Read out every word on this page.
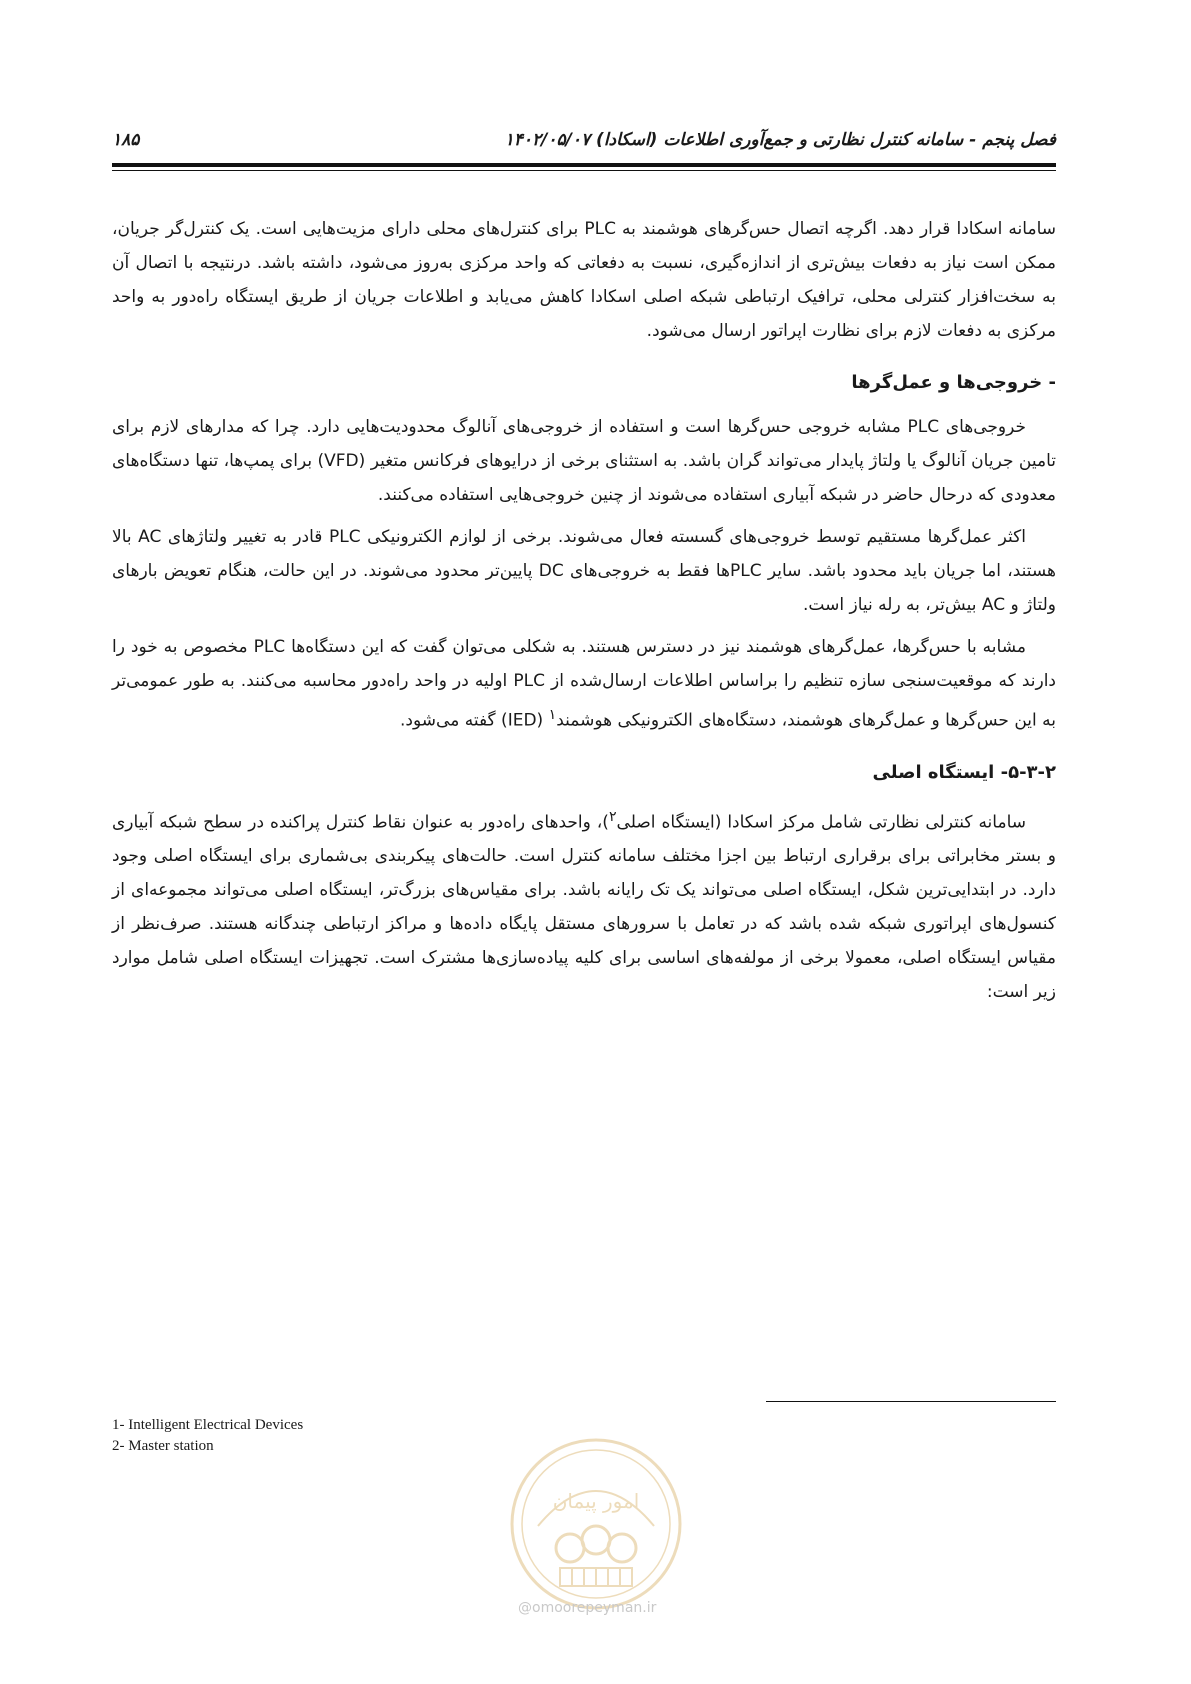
فصل پنجم - سامانه کنترل نظارتی و جمع‌آوری اطلاعات (اسکادا) ۱۴۰۲/۰۵/۰۷
۱۸۵

سامانه اسکادا قرار دهد. اگرچه اتصال حس‌گرهای هوشمند به PLC برای کنترل‌های محلی دارای مزیت‌هایی است. یک کنترل‌گر جریان، ممکن است نیاز به دفعات بیش‌تری از اندازه‌گیری، نسبت به دفعاتی که واحد مرکزی به‌روز می‌شود، داشته باشد. درنتیجه با اتصال آن به سخت‌افزار کنترلی محلی، ترافیک ارتباطی شبکه اصلی اسکادا کاهش می‌یابد و اطلاعات جریان از طریق ایستگاه راه‌دور به واحد مرکزی به دفعات لازم برای نظارت اپراتور ارسال می‌شود.

- خروجی‌ها و عمل‌گرها

خروجی‌های PLC مشابه خروجی حس‌گرها است و استفاده از خروجی‌های آنالوگ محدودیت‌هایی دارد. چرا که مدارهای لازم برای تامین جریان آنالوگ یا ولتاژ پایدار می‌تواند گران باشد. به استثنای برخی از درایوهای فرکانس متغیر (VFD) برای پمپ‌ها، تنها دستگاه‌های معدودی که درحال حاضر در شبکه آبیاری استفاده می‌شوند از چنین خروجی‌هایی استفاده می‌کنند.

اکثر عمل‌گرها مستقیم توسط خروجی‌های گسسته فعال می‌شوند. برخی از لوازم الکترونیکی PLC قادر به تغییر ولتاژهای AC بالا هستند، اما جریان باید محدود باشد. سایر PLCها فقط به خروجی‌های DC پایین‌تر محدود می‌شوند. در این حالت، هنگام تعویض بارهای ولتاژ و AC بیش‌تر، به رله نیاز است.

مشابه با حس‌گرها، عمل‌گرهای هوشمند نیز در دسترس هستند. به شکلی می‌توان گفت که این دستگاه‌ها PLC مخصوص به خود را دارند که موقعیت‌سنجی سازه تنظیم را براساس اطلاعات ارسال‌شده از PLC اولیه در واحد راه‌دور محاسبه می‌کنند. به طور عمومی‌تر به این حس‌گرها و عمل‌گرهای هوشمند، دستگاه‌های الکترونیکی هوشمند$^۱$ (IED) گفته می‌شود.

۵-۳-۲- ایستگاه اصلی

سامانه کنترلی نظارتی شامل مرکز اسکادا (ایستگاه اصلی$^۲$‌)، واحدهای راه‌دور به عنوان نقاط کنترل پراکنده در سطح شبکه آبیاری و بستر مخابراتی برای برقراری ارتباط بین اجزا مختلف سامانه کنترل است. حالت‌های پیکربندی بی‌شماری برای ایستگاه اصلی وجود دارد. در ابتدایی‌ترین شکل، ایستگاه اصلی می‌تواند یک تک رایانه باشد. برای مقیاس‌های بزرگ‌تر، ایستگاه اصلی می‌تواند مجموعه‌ای از کنسول‌های اپراتوری شبکه شده باشد که در تعامل با سرورهای مستقل پایگاه داده‌ها و مراکز ارتباطی چندگانه هستند. صرف‌نظر از مقیاس ایستگاه اصلی، معمولا برخی از مولفه‌های اساسی برای کلیه پیاده‌سازی‌ها مشترک است. تجهیزات ایستگاه اصلی شامل موارد زیر است:

1- Intelligent Electrical Devices
2- Master station
امور پیمان
@omoorepeyman.ir
